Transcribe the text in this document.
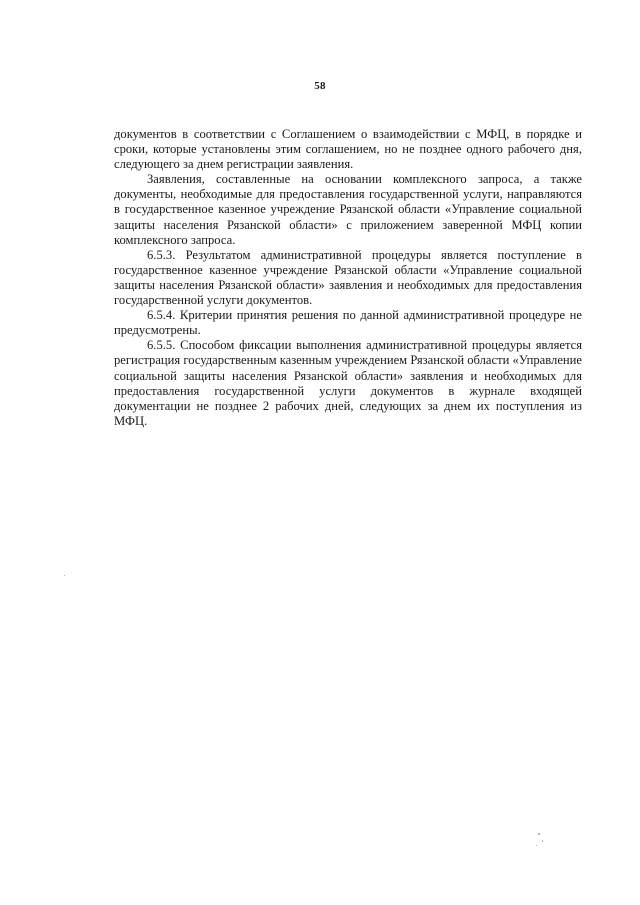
58

документов в соответствии с Соглашением о взаимодействии с МФЦ, в порядке и сроки, которые установлены этим соглашением, но не позднее одного рабочего дня, следующего за днем регистрации заявления.

Заявления, составленные на основании комплексного запроса, а также документы, необходимые для предоставления государственной услуги, направляются в государственное казенное учреждение Рязанской области «Управление социальной защиты населения Рязанской области» с приложением заверенной МФЦ копии комплексного запроса.

6.5.3. Результатом административной процедуры является поступление в государственное казенное учреждение Рязанской области «Управление социальной защиты населения Рязанской области» заявления и необходимых для предоставления государственной услуги документов.

6.5.4. Критерии принятия решения по данной административной процедуре не предусмотрены.

6.5.5. Способом фиксации выполнения административной процедуры является регистрация государственным казенным учреждением Рязанской области «Управление социальной защиты населения Рязанской области» заявления и необходимых для предоставления государственной услуги документов в журнале входящей документации не позднее 2 рабочих дней, следующих за днем их поступления из МФЦ.
